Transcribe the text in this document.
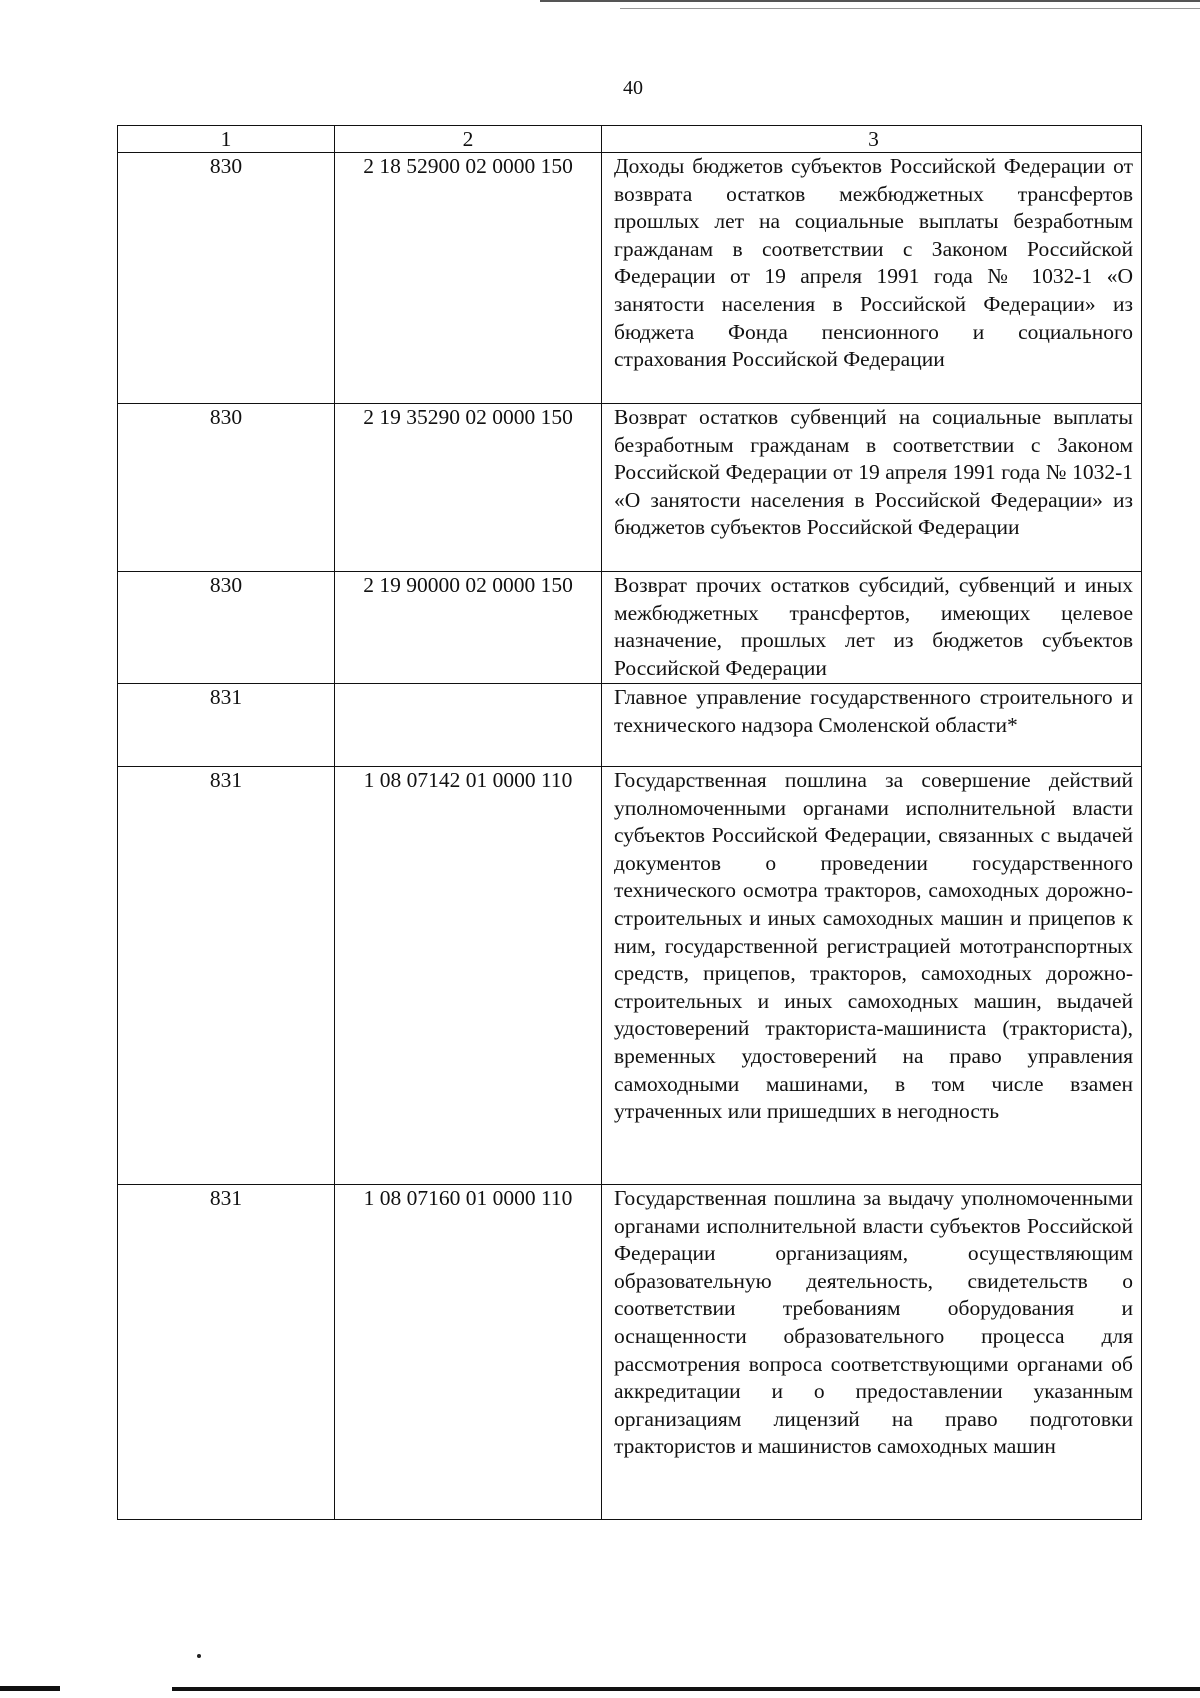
40
1	2	3
830	2 18 52900 02 0000 150	Доходы бюджетов субъектов Российской Федерации от возврата остатков межбюджетных трансфертов прошлых лет на социальные выплаты безработным гражданам в соответствии с Законом Российской Федерации от 19 апреля 1991 года № 1032-1 «О занятости населения в Российской Федерации» из бюджета Фонда пенсионного и социального страхования Российской Федерации
830	2 19 35290 02 0000 150	Возврат остатков субвенций на социальные выплаты безработным гражданам в соответствии с Законом Российской Федерации от 19 апреля 1991 года № 1032-1 «О занятости населения в Российской Федерации» из бюджетов субъектов Российской Федерации
830	2 19 90000 02 0000 150	Возврат прочих остатков субсидий, субвенций и иных межбюджетных трансфертов, имеющих целевое назначение, прошлых лет из бюджетов субъектов Российской Федерации
831		Главное управление государственного строительного и технического надзора Смоленской области*
831	1 08 07142 01 0000 110	Государственная пошлина за совершение действий уполномоченными органами исполнительной власти субъектов Российской Федерации, связанных с выдачей документов о проведении государственного технического осмотра тракторов, самоходных дорожно-строительных и иных самоходных машин и прицепов к ним, государственной регистрацией мототранспортных средств, прицепов, тракторов, самоходных дорожно-строительных и иных самоходных машин, выдачей удостоверений тракториста-машиниста (тракториста), временных удостоверений на право управления самоходными машинами, в том числе взамен утраченных или пришедших в негодность
831	1 08 07160 01 0000 110	Государственная пошлина за выдачу уполномоченными органами исполнительной власти субъектов Российской Федерации организациям, осуществляющим образовательную деятельность, свидетельств о соответствии требованиям оборудования и оснащенности образовательного процесса для рассмотрения вопроса соответствующими органами об аккредитации и о предоставлении указанным организациям лицензий на право подготовки трактористов и машинистов самоходных машин
